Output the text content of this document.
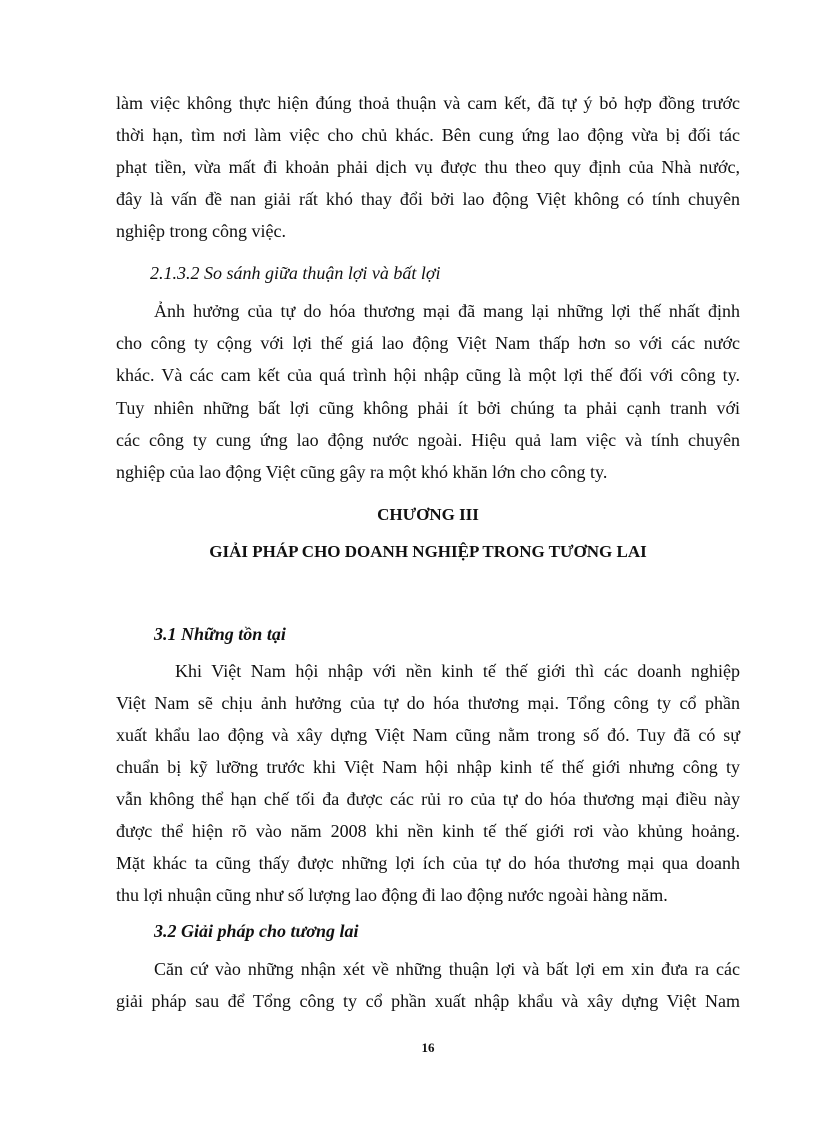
làm việc không thực hiện đúng thoả thuận và cam kết, đã tự ý bỏ hợp đồng trước
thời hạn, tìm nơi làm việc cho chủ khác. Bên cung ứng lao động vừa bị đối tác
phạt tiền, vừa mất đi khoản phải dịch vụ được thu theo quy định của Nhà nước,
đây là vấn đề nan giải rất khó thay đổi bởi lao động Việt không có tính chuyên
nghiệp trong công việc.
2.1.3.2 So sánh giữa thuận lợi và bất lợi
Ảnh hưởng của tự do hóa thương mại đã mang lại những lợi thế nhất định
cho công ty cộng với lợi thế giá lao động Việt Nam thấp hơn so với các nước
khác. Và các cam kết của quá trình hội nhập cũng là một lợi thế đối với công ty.
Tuy nhiên những bất lợi cũng không phải ít bởi chúng ta phải cạnh tranh với
các công ty cung ứng lao động nước ngoài. Hiệu quả lam việc và tính chuyên
nghiệp của lao động Việt cũng gây ra một khó khăn lớn cho công ty.
CHƯƠNG III
GIẢI PHÁP CHO DOANH NGHIỆP TRONG TƯƠNG LAI
3.1 Những tồn tại
Khi Việt Nam hội nhập với nền kinh tế thế giới thì các doanh nghiệp
Việt Nam sẽ chịu ảnh hưởng của tự do hóa thương mại. Tổng công ty cổ phần
xuất khẩu lao động và xây dựng Việt Nam cũng nằm trong số đó. Tuy đã có sự
chuẩn bị kỹ lưỡng trước khi Việt Nam hội nhập kinh tế thế giới nhưng công ty
vẫn không thể hạn chế tối đa được các rủi ro của tự do hóa thương mại điều này
được thể hiện rõ vào năm 2008 khi nền kinh tế thế giới rơi vào khủng hoảng.
Mặt khác ta cũng thấy được những lợi ích của tự do hóa thương mại qua doanh
thu lợi nhuận cũng như số lượng lao động đi lao động nước ngoài hàng năm.
3.2 Giải pháp cho tương lai
Căn cứ vào những nhận xét về những thuận lợi và bất lợi em xin đưa ra các
giải pháp sau để Tổng công ty cổ phần xuất nhập khẩu và xây dựng Việt Nam
16
